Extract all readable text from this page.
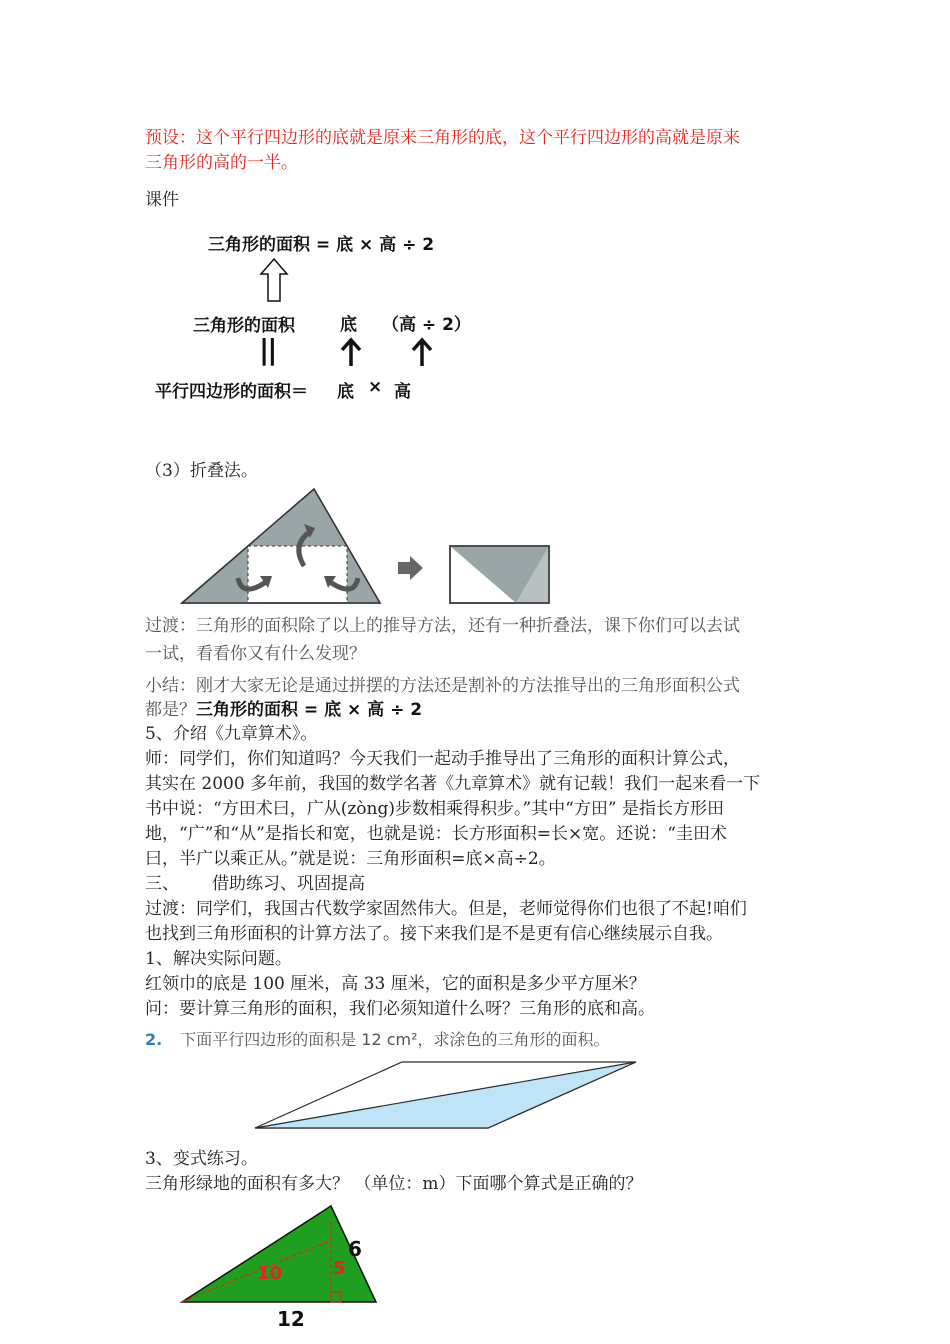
预设：这个平行四边形的底就是原来三角形的底，这个平行四边形的高就是原来
三角形的高的一半。
课件
三角形的面积 = 底 × 高 ÷ 2
三角形的面积	底 （高 ÷ 2）
||
平行四边形的面积＝ 底 × 高
（3）折叠法。
过渡：三角形的面积除了以上的推导方法，还有一种折叠法，课下你们可以去试
一试，看看你又有什么发现？
小结：刚才大家无论是通过拼摆的方法还是割补的方法推导出的三角形面积公式
都是？三角形的面积 = 底 × 高 ÷ 2
5、介绍《九章算术》。
师：同学们，你们知道吗？今天我们一起动手推导出了三角形的面积计算公式，
其实在 2000 多年前，我国的数学名著《九章算术》就有记载！我们一起来看一下
书中说：“方田术曰，广从(zòng)步数相乘得积步。”其中“方田” 是指长方形田
地，“广”和“从”是指长和宽，也就是说：长方形面积=长×宽。还说：“圭田术
曰，半广以乘正从。”就是说：三角形面积=底×高÷2。
三、 借助练习、巩固提高
过渡：同学们，我国古代数学家固然伟大。但是，老师觉得你们也很了不起!咱们
也找到三角形面积的计算方法了。接下来我们是不是更有信心继续展示自我。
1、解决实际问题。
红领巾的底是 100 厘米，高 33 厘米，它的面积是多少平方厘米？
问：要计算三角形的面积，我们必须知道什么呀？三角形的底和高。
2. 下面平行四边形的面积是 12 cm²，求涂色的三角形的面积。
3、变式练习。
三角形绿地的面积有多大？ （单位：m）下面哪个算式是正确的？
6
10	5
12
